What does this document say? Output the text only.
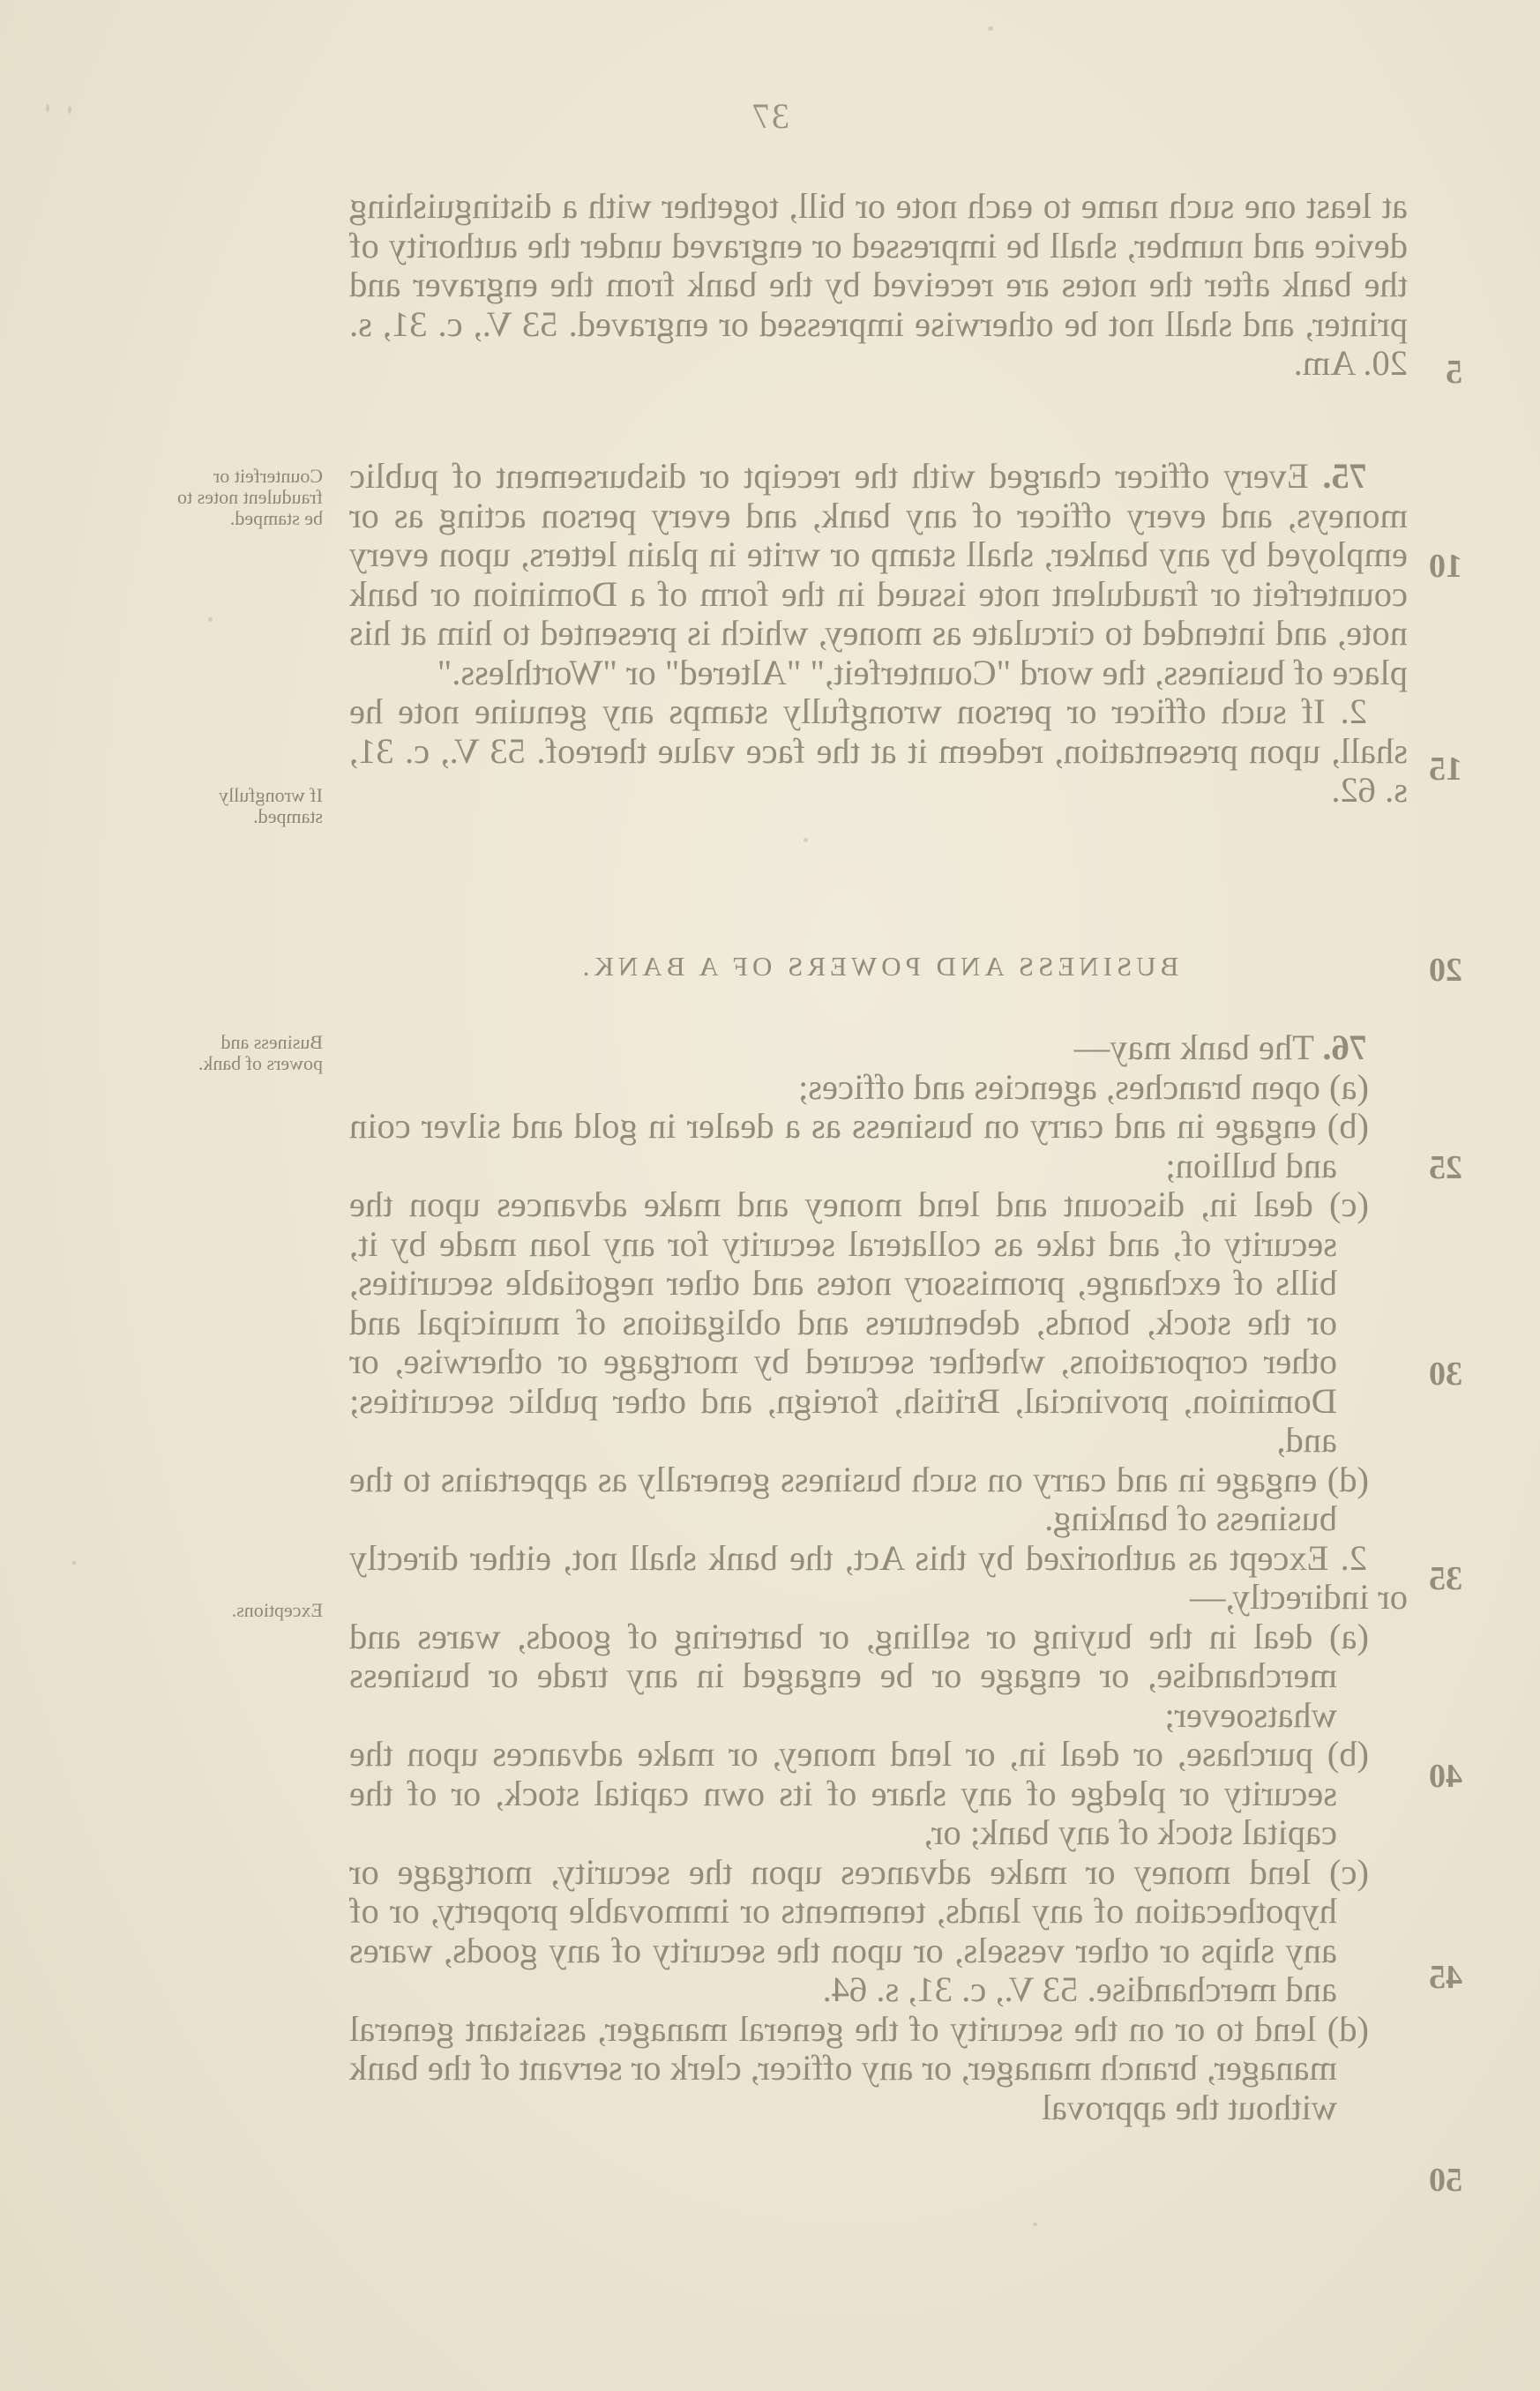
37

at least one such name to each note or bill, together with a distinguishing device and number, shall be impressed or engraved under the authority of the bank after the notes are received by the bank from the engraver and printer, and shall not be otherwise impressed or engraved. 53 V., c. 31, s. 20. Am.

75. Every officer charged with the receipt or disbursement of public moneys, and every officer of any bank, and every person acting as or employed by any banker, shall stamp or write in plain letters, upon every counterfeit or fraudulent note issued in the form of a Dominion or bank note, and intended to circulate as money, which is presented to him at his place of business, the word "Counterfeit," "Altered" or "Worthless."

2. If such officer or person wrongfully stamps any genuine note he shall, upon presentation, redeem it at the face value thereof. 53 V., c. 31, s. 62.

BUSINESS AND POWERS OF A BANK.

76. The bank may—

(a) open branches, agencies and offices;

(b) engage in and carry on business as a dealer in gold and silver coin and bullion;

(c) deal in, discount and lend money and make advances upon the security of, and take as collateral security for any loan made by it, bills of exchange, promissory notes and other negotiable securities, or the stock, bonds, debentures and obligations of municipal and other corporations, whether secured by mortgage or otherwise, or Dominion, provincial, British, foreign, and other public securities; and,

(d) engage in and carry on such business generally as appertains to the business of banking.

2. Except as authorized by this Act, the bank shall not, either directly or indirectly,—

(a) deal in the buying or selling, or bartering of goods, wares and merchandise, or engage or be engaged in any trade or business whatsoever;

(b) purchase, or deal in, or lend money, or make advances upon the security or pledge of any share of its own capital stock, or of the capital stock of any bank; or,

(c) lend money or make advances upon the security, mortgage or hypothecation of any lands, tenements or immovable property, or of any ships or other vessels, or upon the security of any goods, wares and merchandise. 53 V., c. 31, s. 64.

(d) lend to or on the security of the general manager, assistant general manager, branch manager, or any officer, clerk or servant of the bank without the approval

5
10
15
20
25
30
35
40
45
50
Counterfeit or fraudulent notes to be stamped.
If wrongfully stamped.
Business and powers of bank.
Exceptions.
